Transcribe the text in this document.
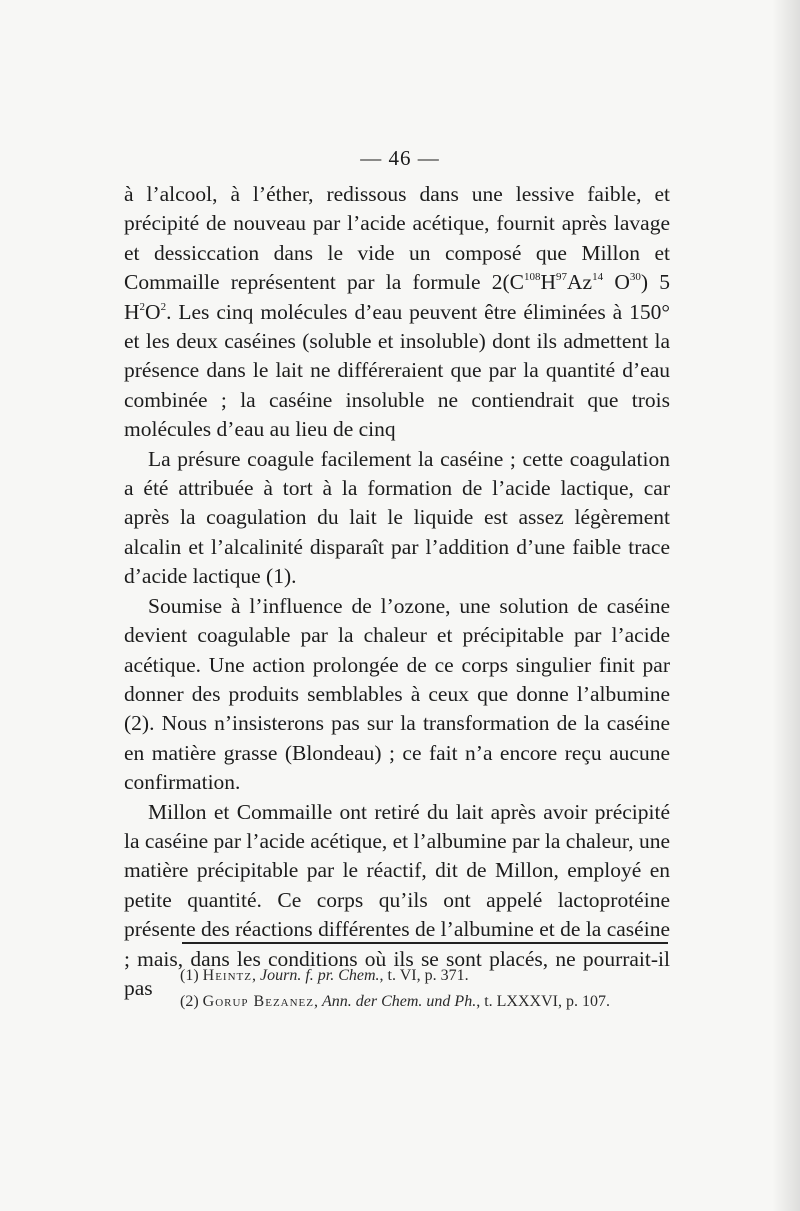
— 46 —

à l’alcool, à l’éther, redissous dans une lessive faible, et précipité de nouveau par l’acide acétique, fournit après lavage et dessiccation dans le vide un composé que Millon et Commaille représentent par la formule $2(C^{108}H^{97}Az^{14}$ $O^{30}$) 5 $H^2O^2$. Les cinq molécules d’eau peuvent être éliminées à 150° et les deux caséines (soluble et insoluble) dont ils admettent la présence dans le lait ne différeraient que par la quantité d’eau combinée ; la caséine insoluble ne contiendrait que trois molécules d’eau au lieu de cinq

La présure coagule facilement la caséine ; cette coagulation a été attribuée à tort à la formation de l’acide lactique, car après la coagulation du lait le liquide est assez légèrement alcalin et l’alcalinité disparaît par l’addition d’une faible trace d’acide lactique (1).

Soumise à l’influence de l’ozone, une solution de caséine devient coagulable par la chaleur et précipitable par l’acide acétique. Une action prolongée de ce corps singulier finit par donner des produits semblables à ceux que donne l’albumine (2). Nous n’insisterons pas sur la transformation de la caséine en matière grasse (Blondeau) ; ce fait n’a encore reçu aucune confirmation.

Millon et Commaille ont retiré du lait après avoir précipité la caséine par l’acide acétique, et l’albumine par la chaleur, une matière précipitable par le réactif, dit de Millon, employé en petite quantité. Ce corps qu’ils ont appelé lactoprotéine présente des réactions différentes de l’albumine et de la caséine ; mais, dans les conditions où ils se sont placés, ne pourrait-il pas

(1) Heintz, Journ. f. pr. Chem., t. VI, p. 371.
(2) Gorup Bezanez, Ann. der Chem. und Ph., t. LXXXVI, p. 107.
